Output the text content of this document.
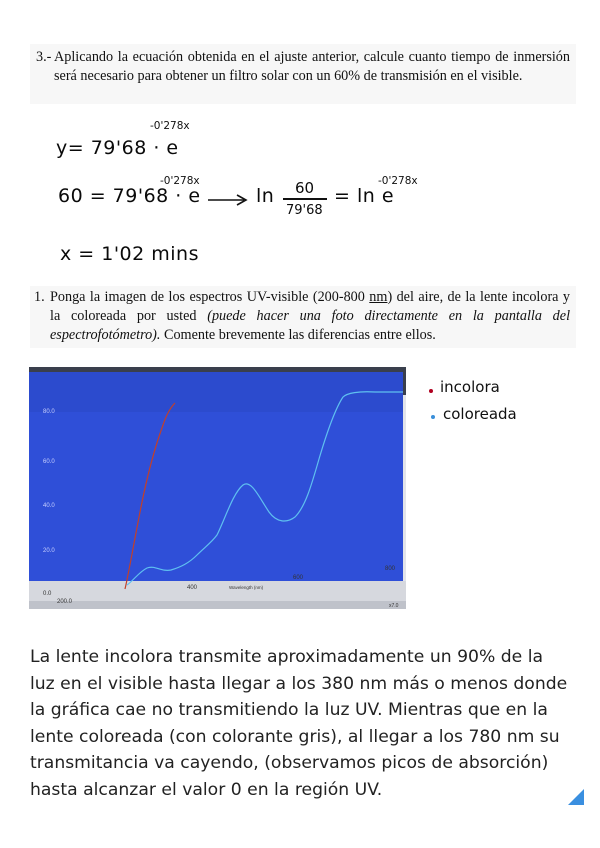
3.- Aplicando la ecuación obtenida en el ajuste anterior, calcule cuanto tiempo de inmersión será necesario para obtener un filtro solar con un 60% de transmisión en el visible.
y= 79'68 · e
-0'278x
60 = 79'68 · e
-0'278x
ln 60
79'68
= ln e
-0'278x
x = 1'02 mins
1. Ponga la imagen de los espectros UV-visible (200-800 nm) del aire, de la lente incolora y la coloreada por usted (puede hacer una foto directamente en la pantalla del espectrofotómetro). Comente brevemente las diferencias entre ellos.
80.0
60.0
40.0
20.0
0.0
200.0
400
600
800
Wavelength (nm)
x7.0
incolora
coloreada
La lente incolora transmite aproximadamente un 90% de la
luz en el visible hasta llegar a los 380 nm más o menos donde
la gráfica cae no transmitiendo la luz UV. Mientras que en la
lente coloreada (con colorante gris), al llegar a los 780 nm su
transmitancia va cayendo, (observamos picos de absorción)
hasta alcanzar el valor 0 en la región UV.
